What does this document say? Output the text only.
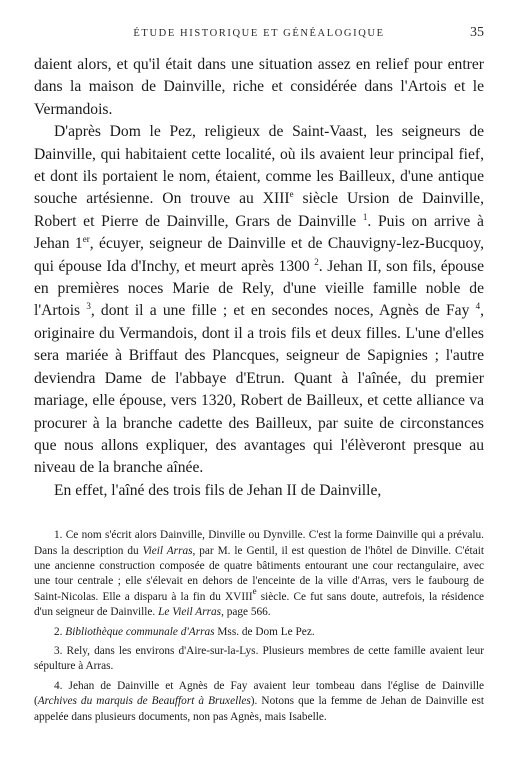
ÉTUDE HISTORIQUE ET GÉNÉALOGIQUE	35

daient alors, et qu'il était dans une situation assez en relief pour entrer dans la maison de Dainville, riche et considérée dans l'Artois et le Vermandois.

D'après Dom le Pez, religieux de Saint-Vaast, les seigneurs de Dainville, qui habitaient cette localité, où ils avaient leur principal fief, et dont ils portaient le nom, étaient, comme les Bailleux, d'une antique souche artésienne. On trouve au XIIIe siècle Ursion de Dainville, Robert et Pierre de Dainville, Grars de Dainville $^1$. Puis on arrive à Jehan 1er, écuyer, seigneur de Dainville et de Chauvigny-lez-Bucquoy, qui épouse Ida d'Inchy, et meurt après 1300 $^2$. Jehan II, son fils, épouse en premières noces Marie de Rely, d'une vieille famille noble de l'Artois $^3$, dont il a une fille ; et en secondes noces, Agnès de Fay $^4$, originaire du Vermandois, dont il a trois fils et deux filles. L'une d'elles sera mariée à Briffaut des Plancques, seigneur de Sapignies ; l'autre deviendra Dame de l'abbaye d'Etrun. Quant à l'aînée, du premier mariage, elle épouse, vers 1320, Robert de Bailleux, et cette alliance va procurer à la branche cadette des Bailleux, par suite de circonstances que nous allons expliquer, des avantages qui l'élèveront presque au niveau de la branche aînée.

En effet, l'aîné des trois fils de Jehan II de Dainville,

1. Ce nom s'écrit alors Dainville, Dinville ou Dynville. C'est la forme Dainville qui a prévalu. Dans la description du Vieil Arras, par M. le Gentil, il est question de l'hôtel de Dinville. C'était une ancienne construction composée de quatre bâtiments entourant une cour rectangulaire, avec une tour centrale ; elle s'élevait en dehors de l'enceinte de la ville d'Arras, vers le faubourg de Saint-Nicolas. Elle a disparu à la fin du XVIIIe siècle. Ce fut sans doute, autrefois, la résidence d'un seigneur de Dainville. Le Vieil Arras, page 566.

2. Bibliothèque communale d'Arras Mss. de Dom Le Pez.

3. Rely, dans les environs d'Aire-sur-la-Lys. Plusieurs membres de cette famille avaient leur sépulture à Arras.

4. Jehan de Dainville et Agnès de Fay avaient leur tombeau dans l'église de Dainville (Archives du marquis de Beauffort à Bruxelles). Notons que la femme de Jehan de Dainville est appelée dans plusieurs documents, non pas Agnès, mais Isabelle.
